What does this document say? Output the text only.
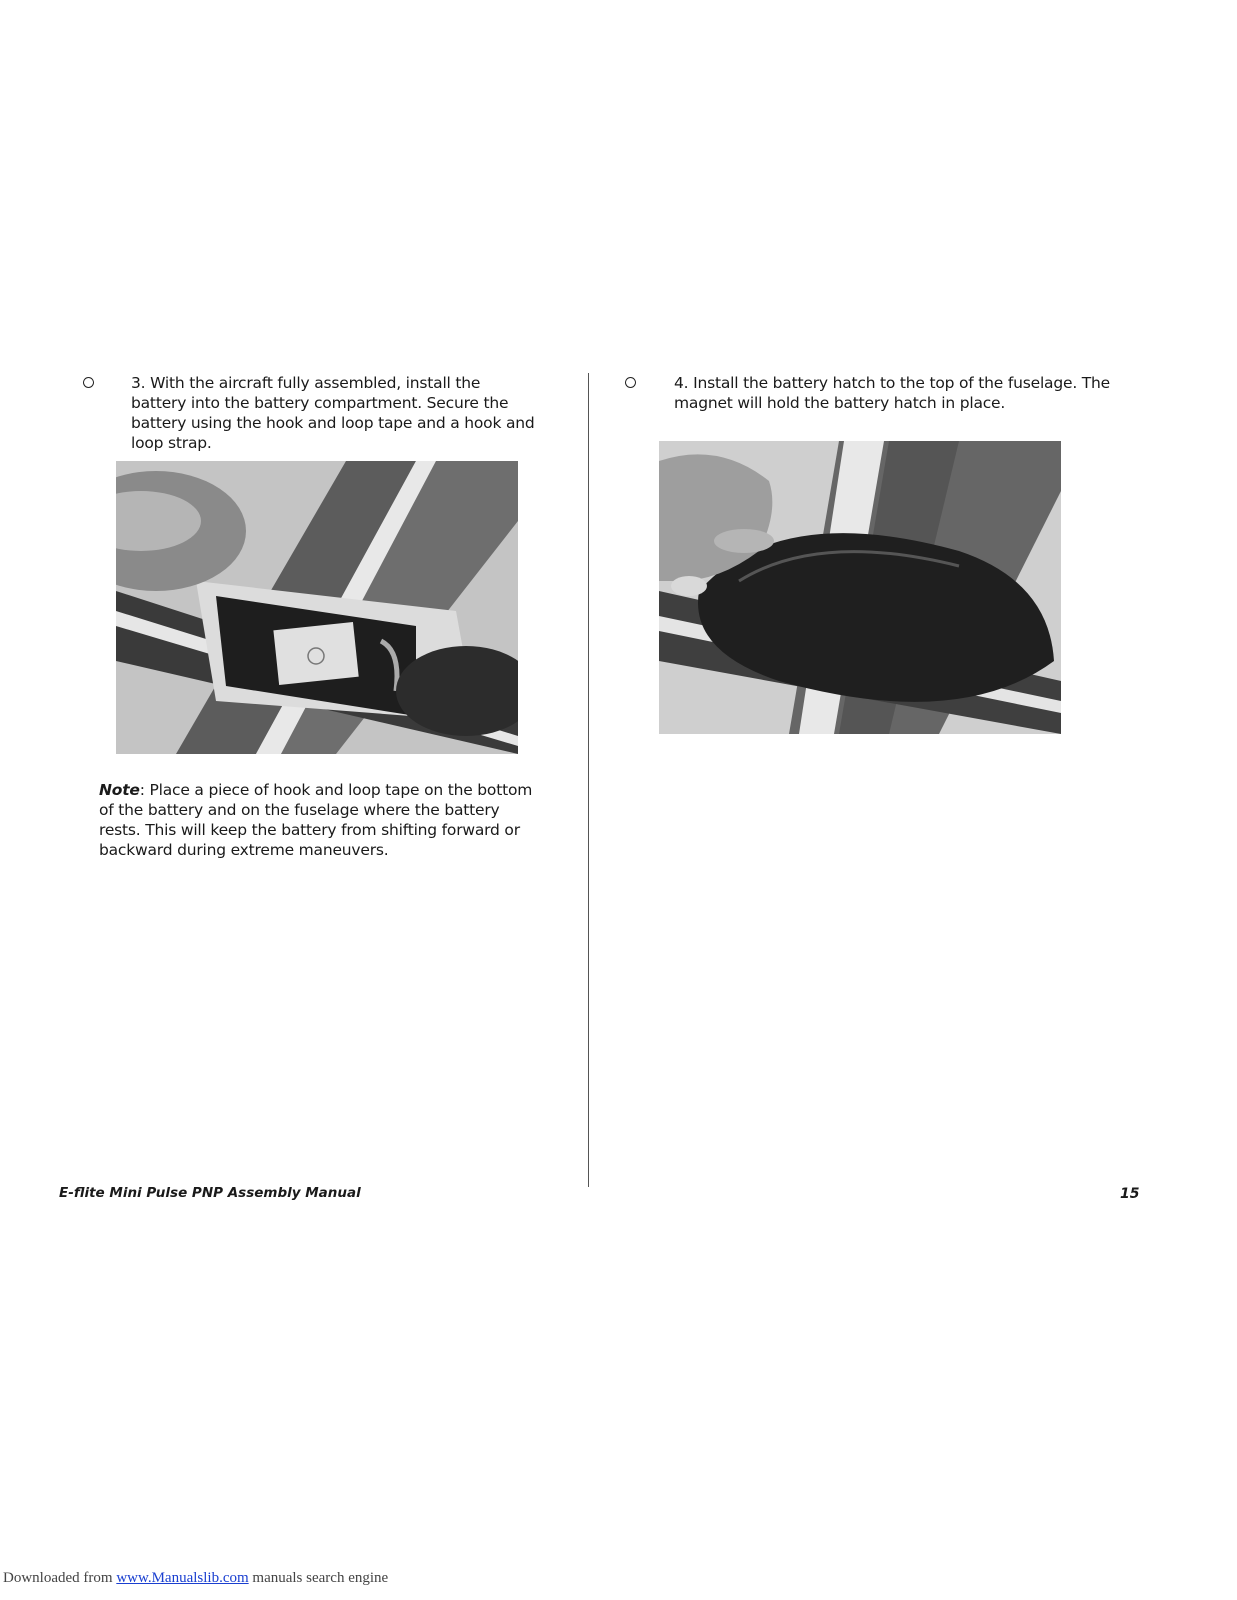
3. With the aircraft fully assembled, install the battery into the battery compartment. Secure the battery using the hook and loop tape and a hook and loop strap.
Note: Place a piece of hook and loop tape on the bottom of the battery and on the fuselage where the battery rests. This will keep the battery from shifting forward or backward during extreme maneuvers.
4. Install the battery hatch to the top of the fuselage. The magnet will hold the battery hatch in place.
E-flite Mini Pulse PNP Assembly Manual	15
Downloaded from www.Manualslib.com manuals search engine
